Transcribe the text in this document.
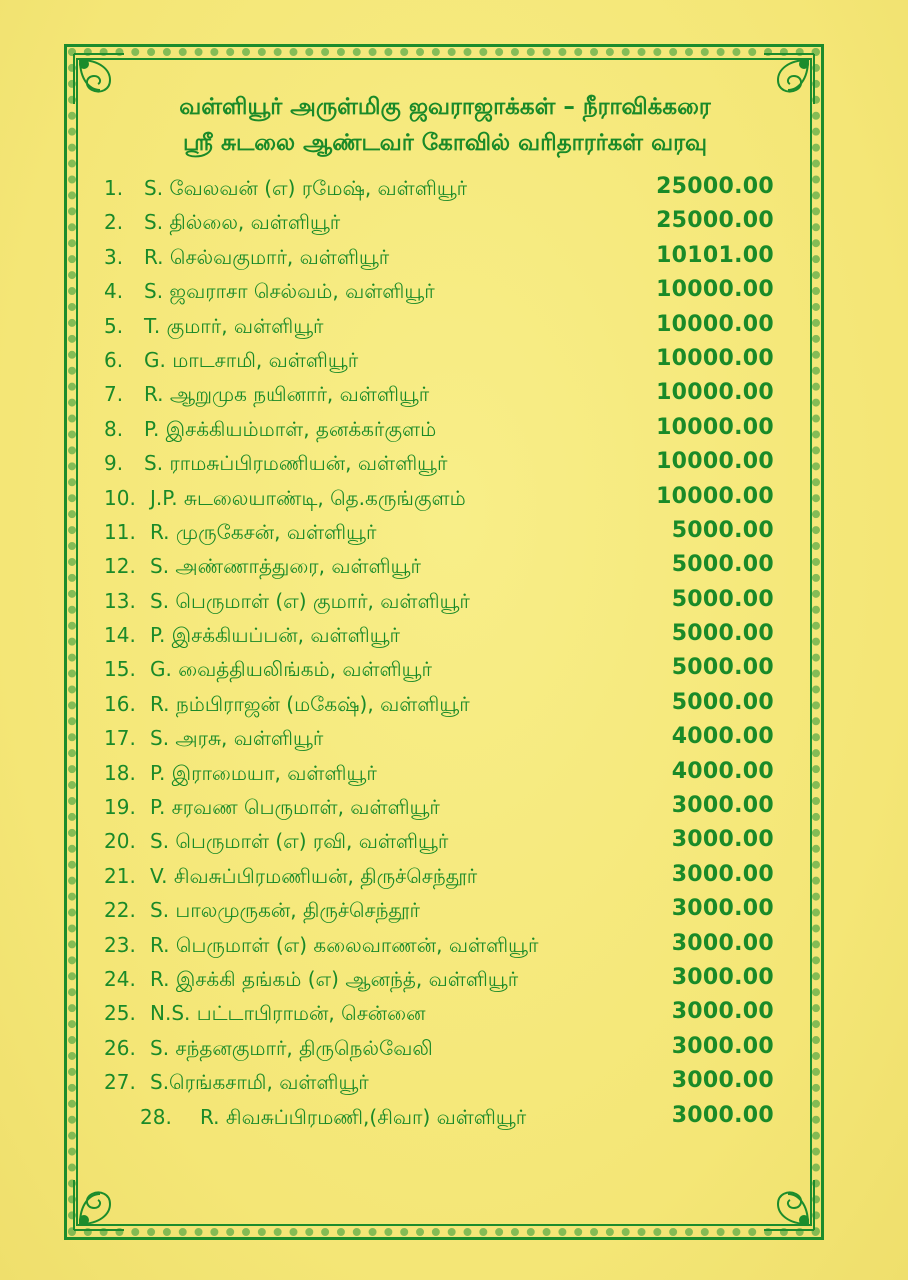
வள்ளியூர் அருள்மிகு ஜவராஜாக்கள் – நீராவிக்கரை
ஸ்ரீ சுடலை ஆண்டவர் கோவில் வரிதாரர்கள் வரவு
1. S. வேலவன் (எ) ரமேஷ், வள்ளியூர்	25000.00
2. S. தில்லை, வள்ளியூர்	25000.00
3. R. செல்வகுமார், வள்ளியூர்	10101.00
4. S. ஜவராசா செல்வம், வள்ளியூர்	10000.00
5. T. குமார், வள்ளியூர்	10000.00
6. G. மாடசாமி, வள்ளியூர்	10000.00
7. R. ஆறுமுக நயினார், வள்ளியூர்	10000.00
8. P. இசக்கியம்மாள், தனக்கர்குளம்	10000.00
9. S. ராமசுப்பிரமணியன், வள்ளியூர்	10000.00
10. J.P. சுடலையாண்டி, தெ.கருங்குளம்	10000.00
11. R. முருகேசன், வள்ளியூர்	5000.00
12. S. அண்ணாத்துரை, வள்ளியூர்	5000.00
13. S. பெருமாள் (எ) குமார், வள்ளியூர்	5000.00
14. P. இசக்கியப்பன், வள்ளியூர்	5000.00
15. G. வைத்தியலிங்கம், வள்ளியூர்	5000.00
16. R. நம்பிராஜன் (மகேஷ்), வள்ளியூர்	5000.00
17. S. அரசு, வள்ளியூர்	4000.00
18. P. இராமையா, வள்ளியூர்	4000.00
19. P. சரவண பெருமாள், வள்ளியூர்	3000.00
20. S. பெருமாள் (எ) ரவி, வள்ளியூர்	3000.00
21. V. சிவசுப்பிரமணியன், திருச்செந்தூர்	3000.00
22. S. பாலமுருகன், திருச்செந்தூர்	3000.00
23. R. பெருமாள் (எ) கலைவாணன், வள்ளியூர்	3000.00
24. R. இசக்கி தங்கம் (எ) ஆனந்த், வள்ளியூர்	3000.00
25. N.S. பட்டாபிராமன், சென்னை	3000.00
26. S. சந்தனகுமார், திருநெல்வேலி	3000.00
27. S.ரெங்கசாமி, வள்ளியூர்	3000.00
28. R. சிவசுப்பிரமணி,(சிவா) வள்ளியூர்	3000.00
